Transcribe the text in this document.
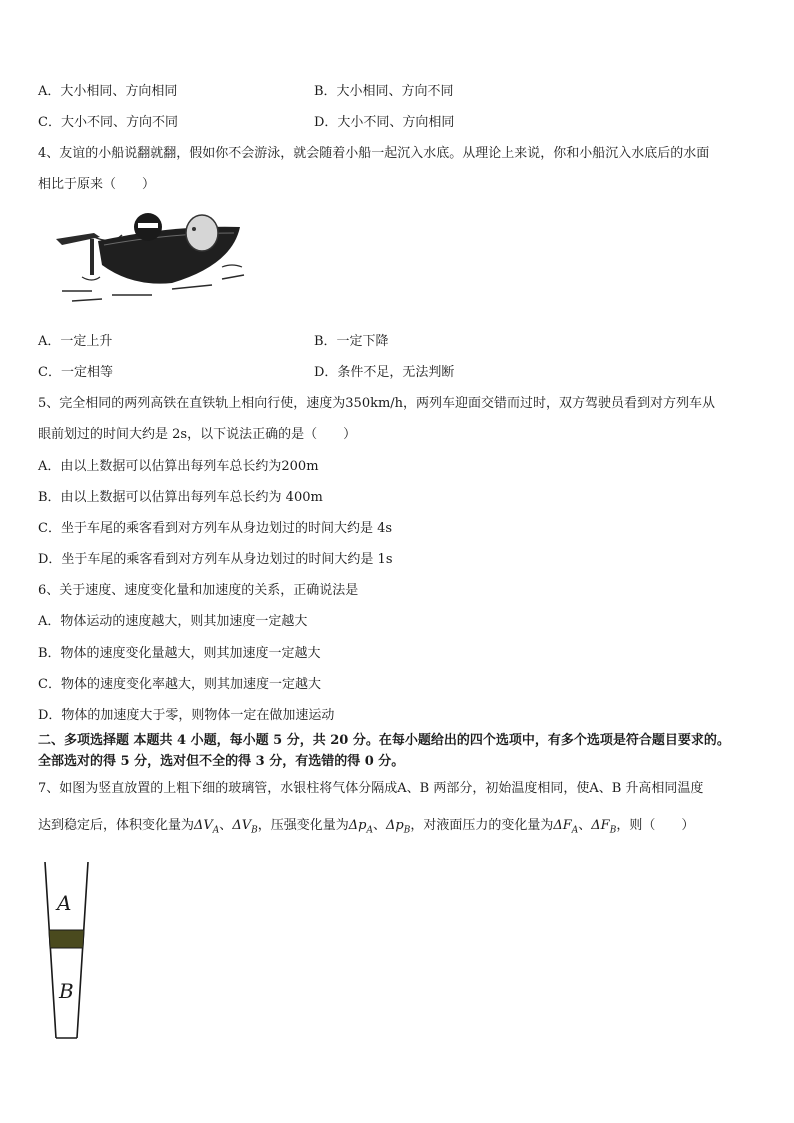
A．大小相同、方向相同	B．大小相同、方向不同
C．大小不同、方向不同	D．大小不同、方向相同
4、友谊的小船说翻就翻，假如你不会游泳，就会随着小船一起沉入水底。从理论上来说，你和小船沉入水底后的水面
相比于原来（　　）
A．一定上升	B．一定下降
C．一定相等	D．条件不足，无法判断
5、完全相同的两列高铁在直铁轨上相向行使，速度为350km/h，两列车迎面交错而过时，双方驾驶员看到对方列车从
眼前划过的时间大约是 2s，以下说法正确的是（　　）
A．由以上数据可以估算出每列车总长约为200m
B．由以上数据可以估算出每列车总长约为 400m
C．坐于车尾的乘客看到对方列车从身边划过的时间大约是 4s
D．坐于车尾的乘客看到对方列车从身边划过的时间大约是 1s
6、关于速度、速度变化量和加速度的关系，正确说法是
A．物体运动的速度越大，则其加速度一定越大
B．物体的速度变化量越大，则其加速度一定越大
C．物体的速度变化率越大，则其加速度一定越大
D．物体的加速度大于零，则物体一定在做加速运动
二、多项选择题 本题共 4 小题，每小题 5 分，共 20 分。在每小题给出的四个选项中，有多个选项是符合题目要求的。
全部选对的得 5 分，选对但不全的得 3 分，有选错的得 0 分。
7、如图为竖直放置的上粗下细的玻璃管，水银柱将气体分隔成A、B 两部分，初始温度相同，使A、B 升高相同温度
达到稳定后，体积变化量为$\Delta V_A$、$\Delta V_B$，压强变化量为$\Delta p_A$、$\Delta p_B$，对液面压力的变化量为$\Delta F_A$、$\Delta F_B$，则（　　）
A
B
